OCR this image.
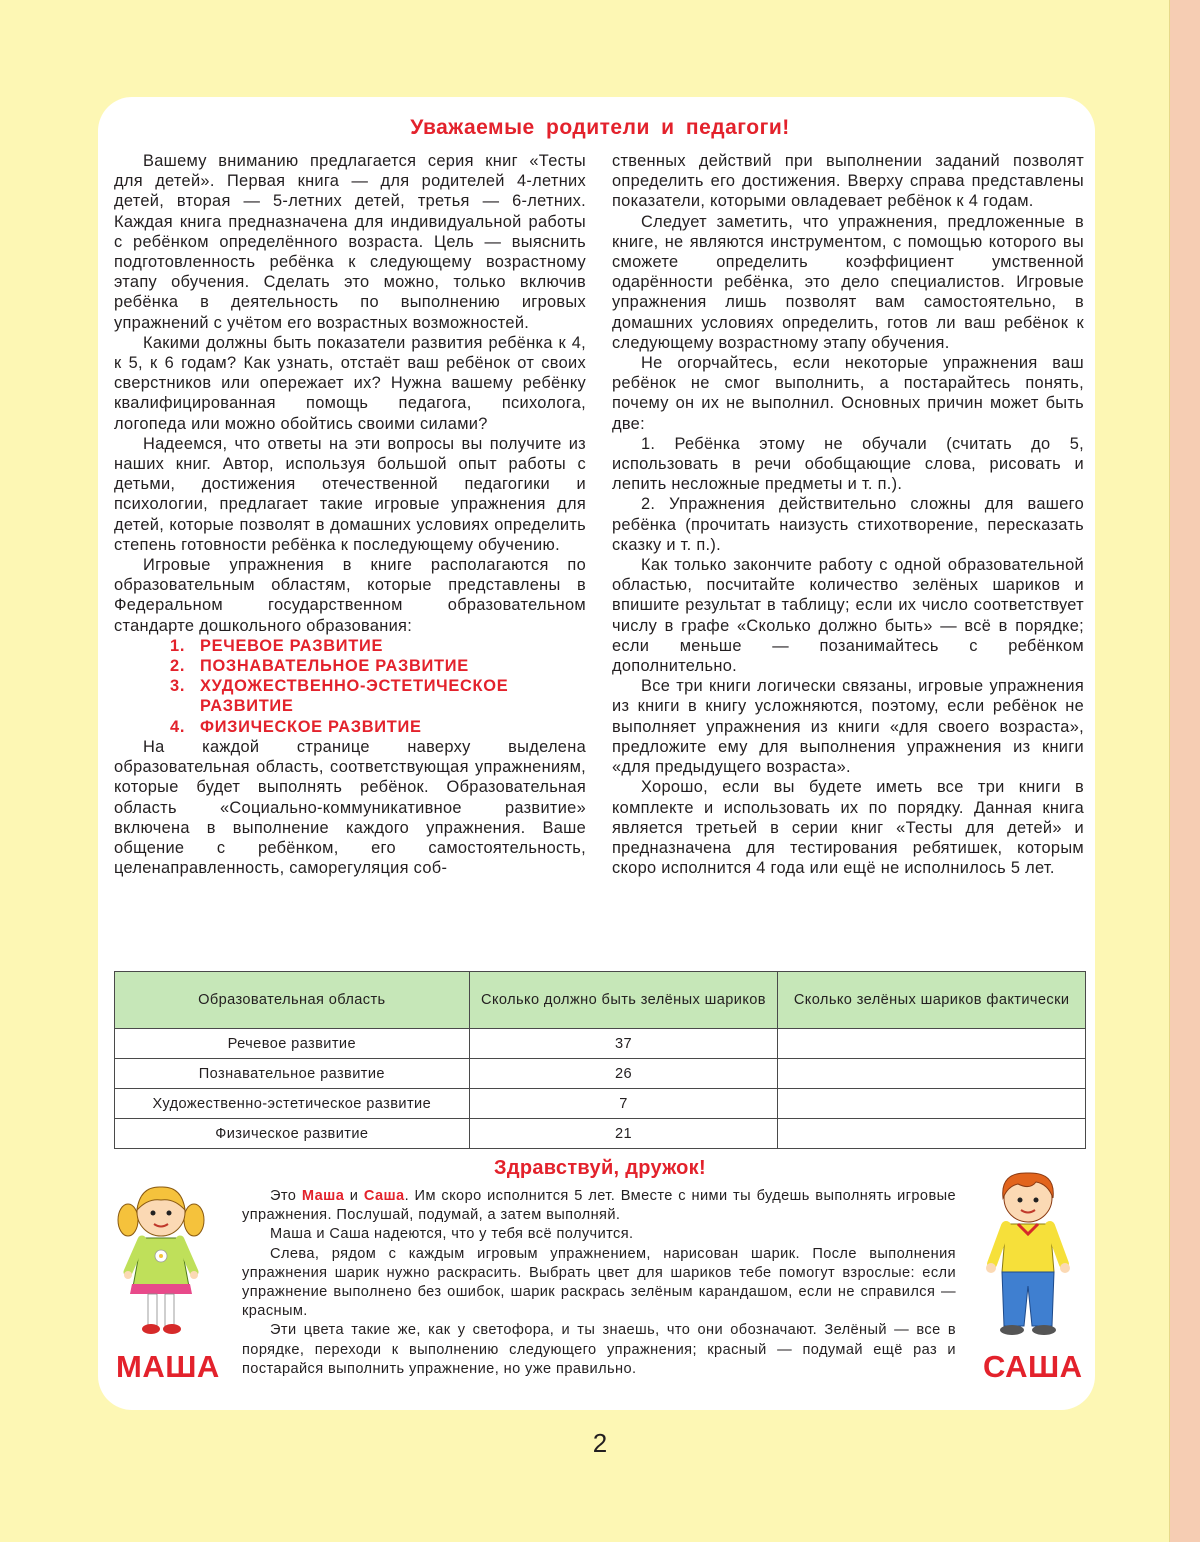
Уважаемые родители и педагоги!

Вашему вниманию предлагается серия книг «Тесты для детей». Первая книга — для родителей 4-летних детей, вторая — 5-летних детей, третья — 6-летних. Каждая книга предназначена для индивидуальной работы с ребёнком определённого возраста. Цель — выяснить подготовленность ребёнка к следующему возрастному этапу обучения. Сделать это можно, только включив ребёнка в деятельность по выполнению игровых упражнений с учётом его возрастных возможностей.

Какими должны быть показатели развития ребёнка к 4, к 5, к 6 годам? Как узнать, отстаёт ваш ребёнок от своих сверстников или опережает их? Нужна вашему ребёнку квалифицированная помощь педагога, психолога, логопеда или можно обойтись своими силами?

Надеемся, что ответы на эти вопросы вы получите из наших книг. Автор, используя большой опыт работы с детьми, достижения отечественной педагогики и психологии, предлагает такие игровые упражнения для детей, которые позволят в домашних условиях определить степень готовности ребёнка к последующему обучению.

Игровые упражнения в книге располагаются по образовательным областям, которые представлены в Федеральном государственном образовательном стандарте дошкольного образования:

1. РЕЧЕВОЕ РАЗВИТИЕ
2. ПОЗНАВАТЕЛЬНОЕ РАЗВИТИЕ
3. ХУДОЖЕСТВЕННО-ЭСТЕТИЧЕСКОЕ РАЗВИТИЕ
4. ФИЗИЧЕСКОЕ РАЗВИТИЕ

На каждой странице наверху выделена образовательная область, соответствующая упражнениям, которые будет выполнять ребёнок. Образовательная область «Социально-коммуникативное развитие» включена в выполнение каждого упражнения. Ваше общение с ребёнком, его самостоятельность, целенаправленность, саморегуляция соб-

ственных действий при выполнении заданий позволят определить его достижения. Вверху справа представлены показатели, которыми овладевает ребёнок к 4 годам.

Следует заметить, что упражнения, предложенные в книге, не являются инструментом, с помощью которого вы сможете определить коэффициент умственной одарённости ребёнка, это дело специалистов. Игровые упражнения лишь позволят вам самостоятельно, в домашних условиях определить, готов ли ваш ребёнок к следующему возрастному этапу обучения.

Не огорчайтесь, если некоторые упражнения ваш ребёнок не смог выполнить, а постарайтесь понять, почему он их не выполнил. Основных причин может быть две:

1. Ребёнка этому не обучали (считать до 5, использовать в речи обобщающие слова, рисовать и лепить несложные предметы и т. п.).

2. Упражнения действительно сложны для вашего ребёнка (прочитать наизусть стихотворение, пересказать сказку и т. п.).

Как только закончите работу с одной образовательной областью, посчитайте количество зелёных шариков и впишите результат в таблицу; если их число соответствует числу в графе «Сколько должно быть» — всё в порядке; если меньше — позанимайтесь с ребёнком дополнительно.

Все три книги логически связаны, игровые упражнения из книги в книгу усложняются, поэтому, если ребёнок не выполняет упражнения из книги «для своего возраста», предложите ему для выполнения упражнения из книги «для предыдущего возраста».

Хорошо, если вы будете иметь все три книги в комплекте и использовать их по порядку. Данная книга является третьей в серии книг «Тесты для детей» и предназначена для тестирования ребятишек, которым скоро исполнится 4 года или ещё не исполнилось 5 лет.

Образовательная область	Сколько должно быть зелёных шариков	Сколько зелёных шариков фактически
Речевое развитие	37	
Познавательное развитие	26	
Художественно-эстетическое развитие	7	
Физическое развитие	21	
Здравствуй, дружок!
МАША

Это Маша и Саша. Им скоро исполнится 5 лет. Вместе с ними ты будешь выполнять игровые упражнения. Послушай, подумай, а затем выполняй.

Маша и Саша надеются, что у тебя всё получится.

Слева, рядом с каждым игровым упражнением, нарисован шарик. После выполнения упражнения шарик нужно раскрасить. Выбрать цвет для шариков тебе помогут взрослые: если упражнение выполнено без ошибок, шарик раскрась зелёным карандашом, если не справился — красным.

Эти цвета такие же, как у светофора, и ты знаешь, что они обозначают. Зелёный — все в порядке, переходи к выполнению следующего упражнения; красный — подумай ещё раз и постарайся выполнить упражнение, но уже правильно.	САША
2
